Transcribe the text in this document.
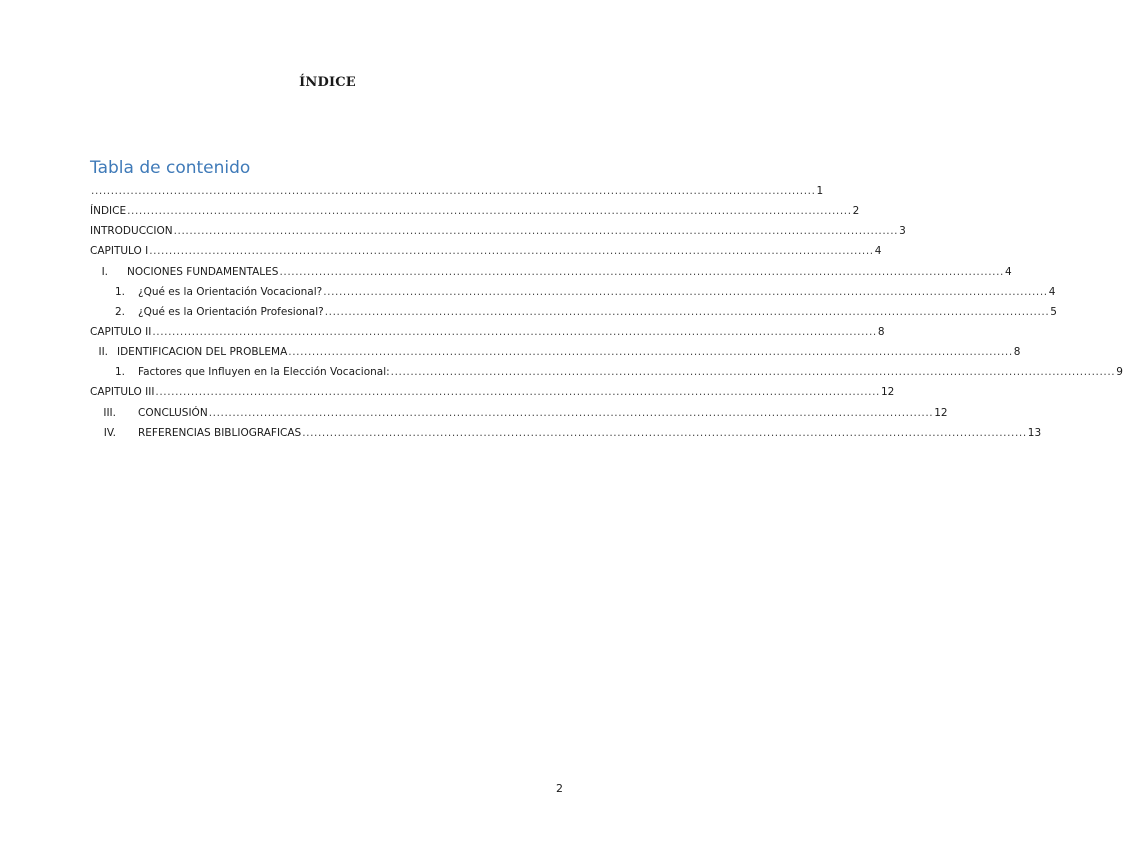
ÍNDICE
Tabla de contenido
........................................................................................................................................................................................ 1
ÍNDICE ........................................................................................................................................................................................ 2
INTRODUCCION ........................................................................................................................................................................................ 3
CAPITULO I ........................................................................................................................................................................................ 4
I. NOCIONES FUNDAMENTALES ........................................................................................................................................................................................ 4
1. ¿Qué es la Orientación Vocacional? ........................................................................................................................................................................................ 4
2. ¿Qué es la Orientación Profesional? ........................................................................................................................................................................................ 5
CAPITULO II ........................................................................................................................................................................................ 8
II. IDENTIFICACION DEL PROBLEMA ........................................................................................................................................................................................ 8
1. Factores que Influyen en la Elección Vocacional: ........................................................................................................................................................................................ 9
CAPITULO III ........................................................................................................................................................................................ 12
III. CONCLUSIÓN ........................................................................................................................................................................................ 12
IV. REFERENCIAS BIBLIOGRAFICAS ........................................................................................................................................................................................ 13
2
